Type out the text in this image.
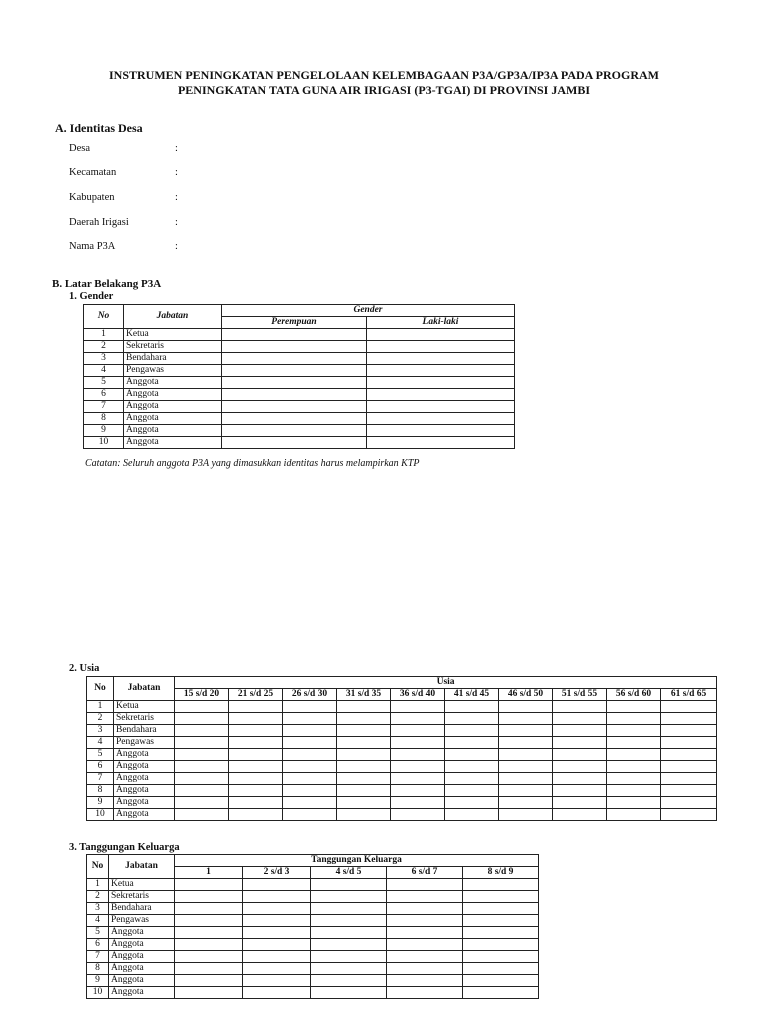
INSTRUMEN PENINGKATAN PENGELOLAAN KELEMBAGAAN P3A/GP3A/IP3A PADA PROGRAM
PENINGKATAN TATA GUNA AIR IRIGASI (P3-TGAI) DI PROVINSI JAMBI
A. Identitas Desa
Desa	:
Kecamatan	:
Kabupaten	:
Daerah Irigasi	:
Nama P3A	:
B. Latar Belakang P3A
1. Gender
No	Jabatan	Gender	
		Perempuan	Laki-laki
1	Ketua		
2	Sekretaris		
3	Bendahara		
4	Pengawas		
5	Anggota		
6	Anggota		
7	Anggota		
8	Anggota		
9	Anggota		
10	Anggota		
Catatan: Seluruh anggota P3A yang dimasukkan identitas harus melampirkan KTP
2. Usia
No	Jabatan	Usia									
		15 s/d 20	21 s/d 25	26 s/d 30	31 s/d 35	36 s/d 40	41 s/d 45	46 s/d 50	51 s/d 55	56 s/d 60	61 s/d 65
1	Ketua										
2	Sekretaris										
3	Bendahara										
4	Pengawas										
5	Anggota										
6	Anggota										
7	Anggota										
8	Anggota										
9	Anggota										
10	Anggota										
3. Tanggungan Keluarga
No	Jabatan	Tanggungan Keluarga				
		1	2 s/d 3	4 s/d 5	6 s/d 7	8 s/d 9
1	Ketua					
2	Sekretaris					
3	Bendahara					
4	Pengawas					
5	Anggota					
6	Anggota					
7	Anggota					
8	Anggota					
9	Anggota					
10	Anggota					
